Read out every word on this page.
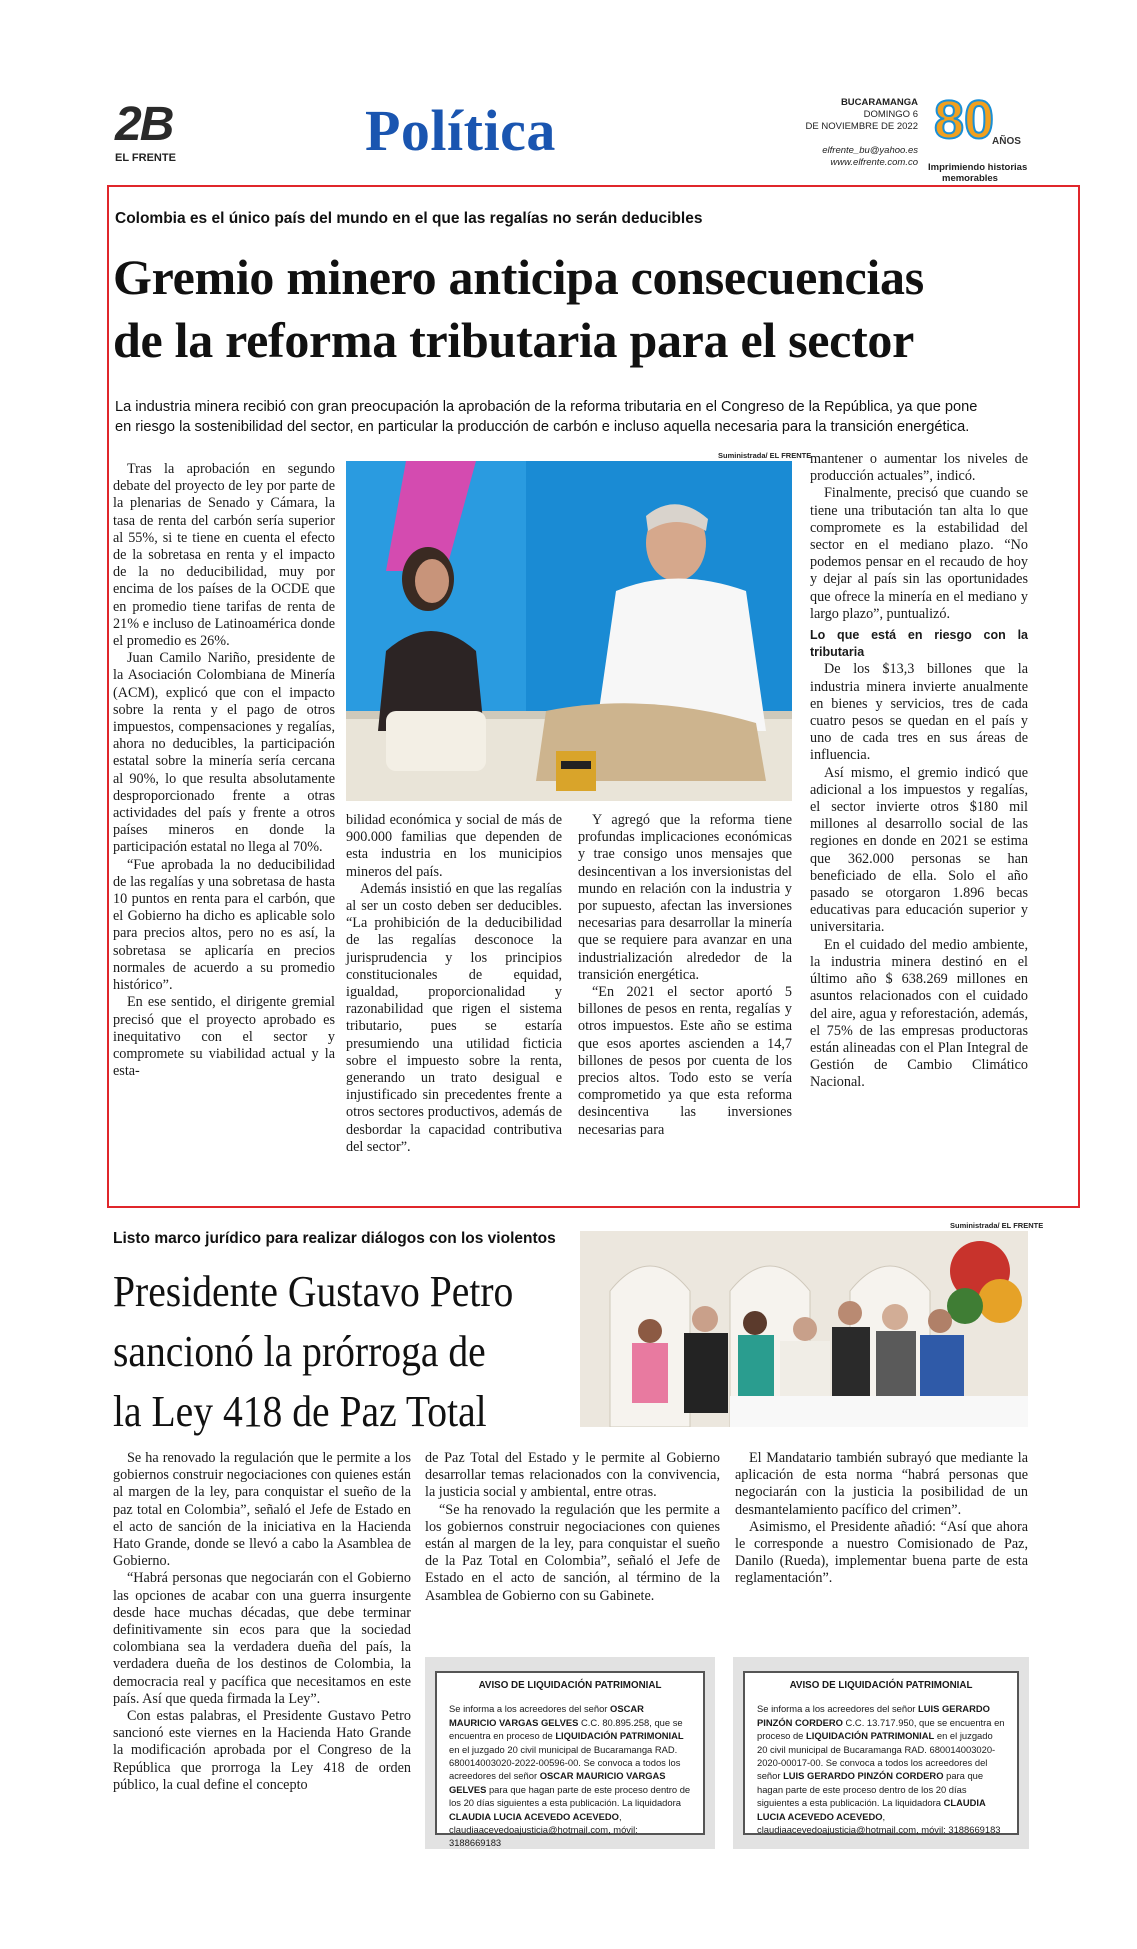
2B
EL FRENTE	Política	BUCARAMANGA
DOMINGO 6
DE NOVIEMBRE DE 2022
elfrente_bu@yahoo.es
www.elfrente.com.co
80
AÑOS
Imprimiendo historias
memorables
Colombia es el único país del mundo en el que las regalías no serán deducibles
Gremio minero anticipa consecuencias
de la reforma tributaria para el sector
La industria minera recibió con gran preocupación la aprobación de la reforma tributaria en el Congreso de la República, ya que pone
en riesgo la sostenibilidad del sector, en particular la producción de carbón e incluso aquella necesaria para la transición energética.
Suministrada/ EL FRENTE

Tras la aprobación en segundo debate del proyecto de ley por parte de la plenarias de Senado y Cámara, la tasa de renta del carbón sería superior al 55%, si te tiene en cuenta el efecto de la sobretasa en renta y el impacto de la no deducibilidad, muy por encima de los países de la OCDE que en promedio tiene tarifas de renta de 21% e incluso de Latinoamérica donde el promedio es 26%.

Juan Camilo Nariño, presidente de la Asociación Colombiana de Minería (ACM), explicó que con el impacto sobre la renta y el pago de otros impuestos, compensaciones y regalías, ahora no deducibles, la participación estatal sobre la minería sería cercana al 90%, lo que resulta absolutamente desproporcionado frente a otras actividades del país y frente a otros países mineros en donde la participación estatal no llega al 70%.

“Fue aprobada la no deducibilidad de las regalías y una sobretasa de hasta 10 puntos en renta para el carbón, que el Gobierno ha dicho es aplicable solo para precios altos, pero no es así, la sobretasa se aplicaría en precios normales de acuerdo a su promedio histórico”.

En ese sentido, el dirigente gremial precisó que el proyecto aprobado es inequitativo con el sector y compromete su viabilidad actual y la esta-

bilidad económica y social de más de 900.000 familias que dependen de esta industria en los municipios mineros del país.

Además insistió en que las regalías al ser un costo deben ser deducibles. “La prohibición de la deducibilidad de las regalías desconoce la jurisprudencia y los principios constitucionales de equidad, igualdad, proporcionalidad y razonabilidad que rigen el sistema tributario, pues se estaría presumiendo una utilidad ficticia sobre el impuesto sobre la renta, generando un trato desigual e injustificado sin precedentes frente a otros sectores productivos, además de desbordar la capacidad contributiva del sector”.

Y agregó que la reforma tiene profundas implicaciones económicas y trae consigo unos mensajes que desincentivan a los inversionistas del mundo en relación con la industria y por supuesto, afectan las inversiones necesarias para desarrollar la minería que se requiere para avanzar en una industrialización alrededor de la transición energética.

“En 2021 el sector aportó 5 billones de pesos en renta, regalías y otros impuestos. Este año se estima que esos aportes ascienden a 14,7 billones de pesos por cuenta de los precios altos. Todo esto se vería comprometido ya que esta reforma desincentiva las inversiones necesarias para

mantener o aumentar los niveles de producción actuales”, indicó.

Finalmente, precisó que cuando se tiene una tributación tan alta lo que compromete es la estabilidad del sector en el mediano plazo. “No podemos pensar en el recaudo de hoy y dejar al país sin las oportunidades que ofrece la minería en el mediano y largo plazo”, puntualizó.

Lo que está en riesgo con la tributaria

De los $13,3 billones que la industria minera invierte anualmente en bienes y servicios, tres de cada cuatro pesos se quedan en el país y uno de cada tres en sus áreas de influencia.

Así mismo, el gremio indicó que adicional a los impuestos y regalías, el sector invierte otros $180 mil millones al desarrollo social de las regiones en donde en 2021 se estima que 362.000 personas se han beneficiado de ella. Solo el año pasado se otorgaron 1.896 becas educativas para educación superior y universitaria.

En el cuidado del medio ambiente, la industria minera destinó en el último año $ 638.269 millones en asuntos relacionados con el cuidado del aire, agua y reforestación, además, el 75% de las empresas productoras están alineadas con el Plan Integral de Gestión de Cambio Climático Nacional.

Listo marco jurídico para realizar diálogos con los violentos
Presidente Gustavo Petro
sancionó la prórroga de
la Ley 418 de Paz Total
Suministrada/ EL FRENTE

Se ha renovado la regulación que le permite a los gobiernos construir negociaciones con quienes están al margen de la ley, para conquistar el sueño de la paz total en Colombia”, señaló el Jefe de Estado en el acto de sanción de la iniciativa en la Hacienda Hato Grande, donde se llevó a cabo la Asamblea de Gobierno.

“Habrá personas que negociarán con el Gobierno las opciones de acabar con una guerra insurgente desde hace muchas décadas, que debe terminar definitivamente sin ecos para que la sociedad colombiana sea la verdadera dueña del país, la verdadera dueña de los destinos de Colombia, la democracia real y pacífica que necesitamos en este país. Así que queda firmada la Ley”.

Con estas palabras, el Presidente Gustavo Petro sancionó este viernes en la Hacienda Hato Grande la modificación aprobada por el Congreso de la República que prorroga la Ley 418 de orden público, la cual define el concepto

de Paz Total del Estado y le permite al Gobierno desarrollar temas relacionados con la convivencia, la justicia social y ambiental, entre otras.

“Se ha renovado la regulación que les permite a los gobiernos construir negociaciones con quienes están al margen de la ley, para conquistar el sueño de la Paz Total en Colombia”, señaló el Jefe de Estado en el acto de sanción, al término de la Asamblea de Gobierno con su Gabinete.

El Mandatario también subrayó que mediante la aplicación de esta norma “habrá personas que negociarán con la justicia la posibilidad de un desmantelamiento pacífico del crimen”.

Asimismo, el Presidente añadió: “Así que ahora le corresponde a nuestro Comisionado de Paz, Danilo (Rueda), implementar buena parte de esta reglamentación”.

AVISO DE LIQUIDACIÓN PATRIMONIAL
Se informa a los acreedores del señor OSCAR MAURICIO VARGAS GELVES C.C. 80.895.258, que se encuentra en proceso de LIQUIDACIÓN PATRIMONIAL en el juzgado 20 civil municipal de Bucaramanga RAD. 680014003020-2022-00596-00. Se convoca a todos los acreedores del señor OSCAR MAURICIO VARGAS GELVES para que hagan parte de este proceso dentro de los 20 días siguientes a esta publicación. La liquidadora CLAUDIA LUCIA ACEVEDO ACEVEDO, claudiaacevedoajusticia@hotmail.com, móvil: 3188669183
AVISO DE LIQUIDACIÓN PATRIMONIAL
Se informa a los acreedores del señor LUIS GERARDO PINZÓN CORDERO C.C. 13.717.950, que se encuentra en proceso de LIQUIDACIÓN PATRIMONIAL en el juzgado 20 civil municipal de Bucaramanga RAD. 680014003020-2020-00017-00. Se convoca a todos los acreedores del señor LUIS GERARDO PINZÓN CORDERO para que hagan parte de este proceso dentro de los 20 días siguientes a esta publicación. La liquidadora CLAUDIA LUCIA ACEVEDO ACEVEDO, claudiaacevedoajusticia@hotmail.com, móvil: 3188669183
